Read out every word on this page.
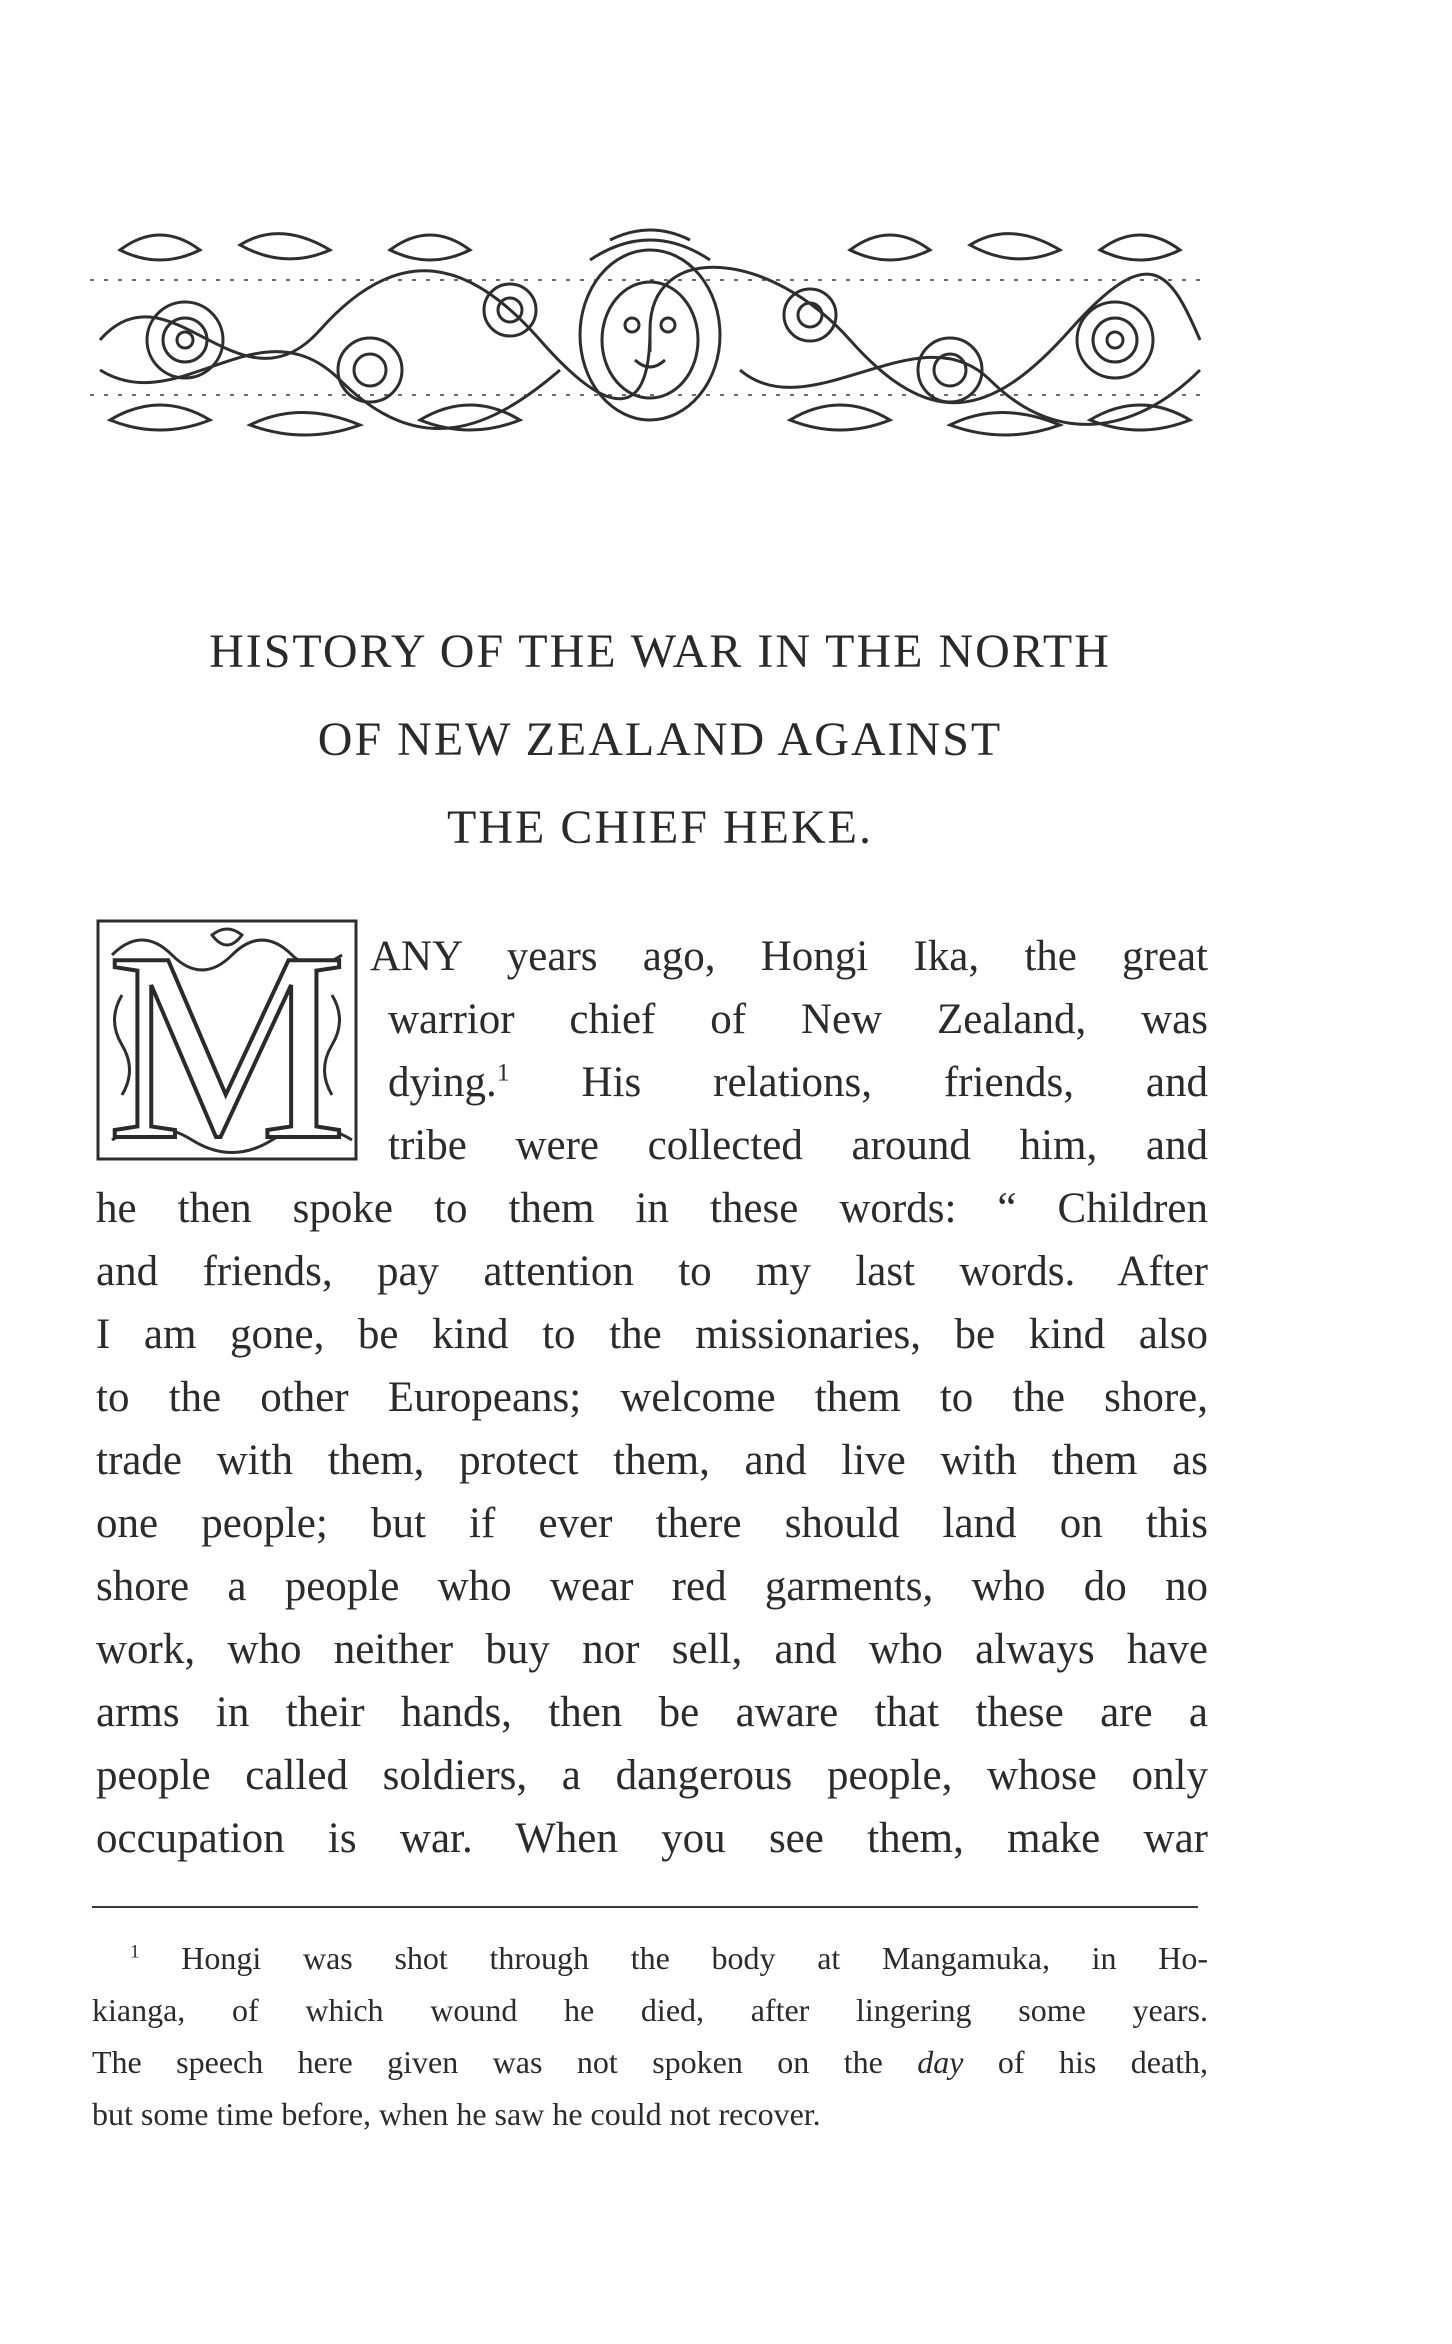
HISTORY OF THE WAR IN THE NORTH
OF NEW ZEALAND AGAINST
THE CHIEF HEKE.
M ANY years ago, Hongi Ika, the great
warrior chief of New Zealand, was
dying.$^1$ His relations, friends, and
tribe were collected around him, and
he then spoke to them in these words: “ Children
and friends, pay attention to my last words. After
I am gone, be kind to the missionaries, be kind also
to the other Europeans; welcome them to the shore,
trade with them, protect them, and live with them as
one people; but if ever there should land on this
shore a people who wear red garments, who do no
work, who neither buy nor sell, and who always have
arms in their hands, then be aware that these are a
people called soldiers, a dangerous people, whose only
occupation is war. When you see them, make war
$^1$ Hongi was shot through the body at Mangamuka, in Ho-
kianga, of which wound he died, after lingering some years.
The speech here given was not spoken on the day of his death,
but some time before, when he saw he could not recover.
